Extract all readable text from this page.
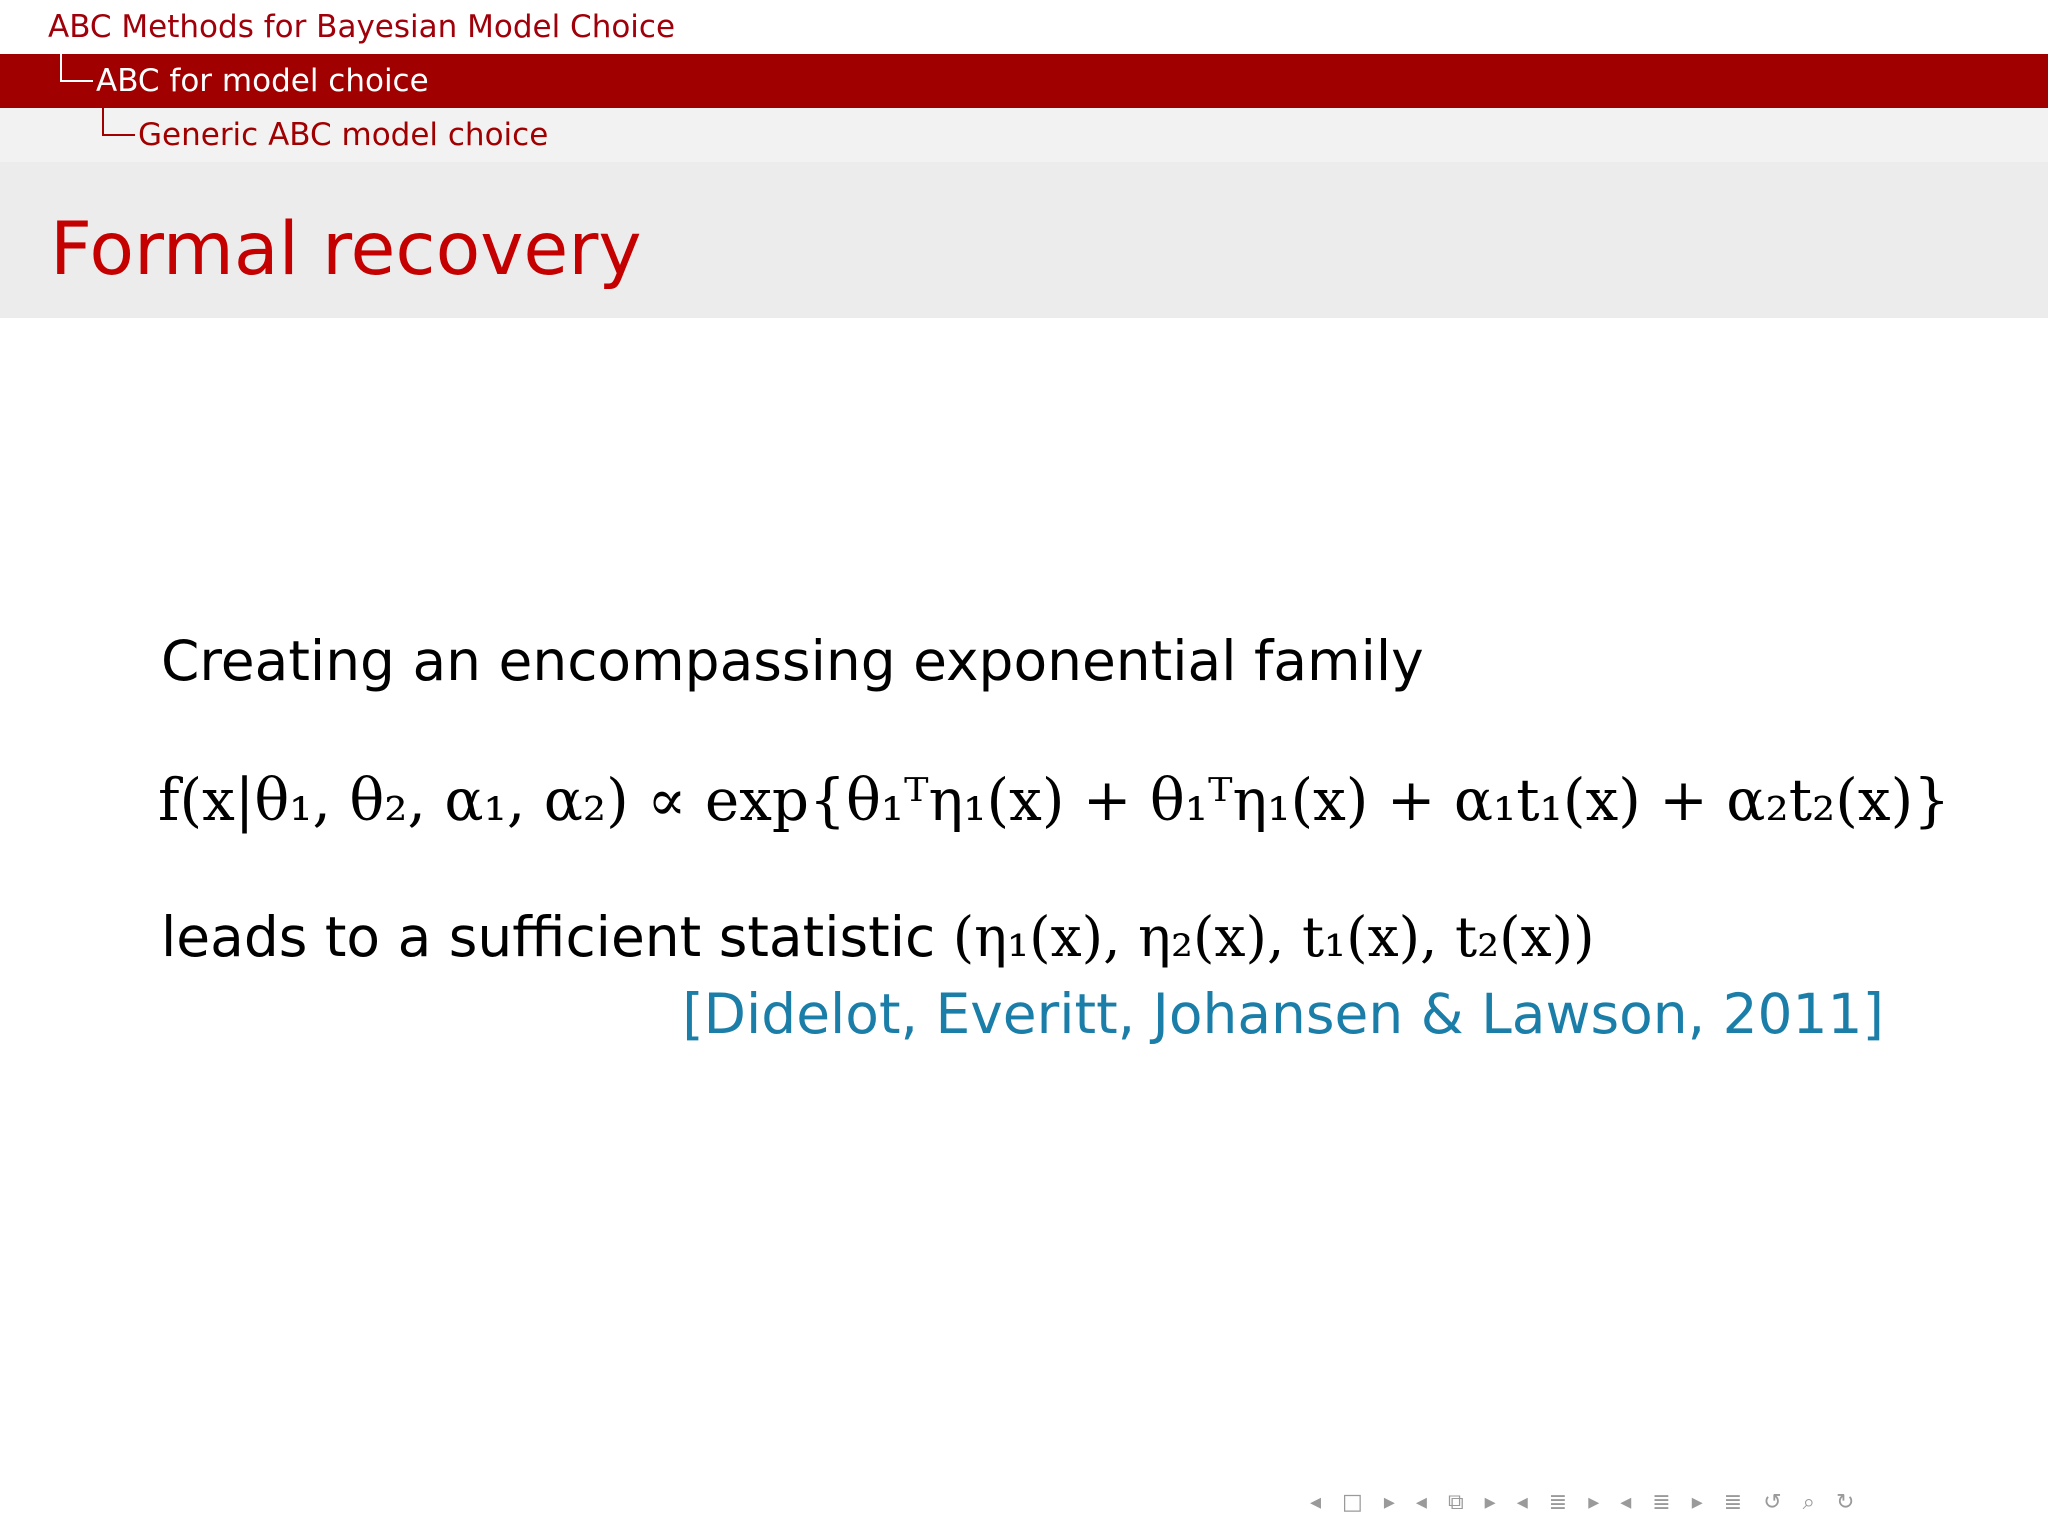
ABC Methods for Bayesian Model Choice
ABC for model choice
Generic ABC model choice
Formal recovery
Creating an encompassing exponential family
f(x|θ₁, θ₂, α₁, α₂) ∝ exp{θ₁ᵀη₁(x) + θ₁ᵀη₁(x) + α₁t₁(x) + α₂t₂(x)}
leads to a sufficient statistic (η₁(x), η₂(x), t₁(x), t₂(x))
[Didelot, Everitt, Johansen & Lawson, 2011]
◂ □ ▸ ◂ ⧉ ▸ ◂ ≣ ▸ ◂ ≣ ▸ ≣ ↺ ⌕ ↻
